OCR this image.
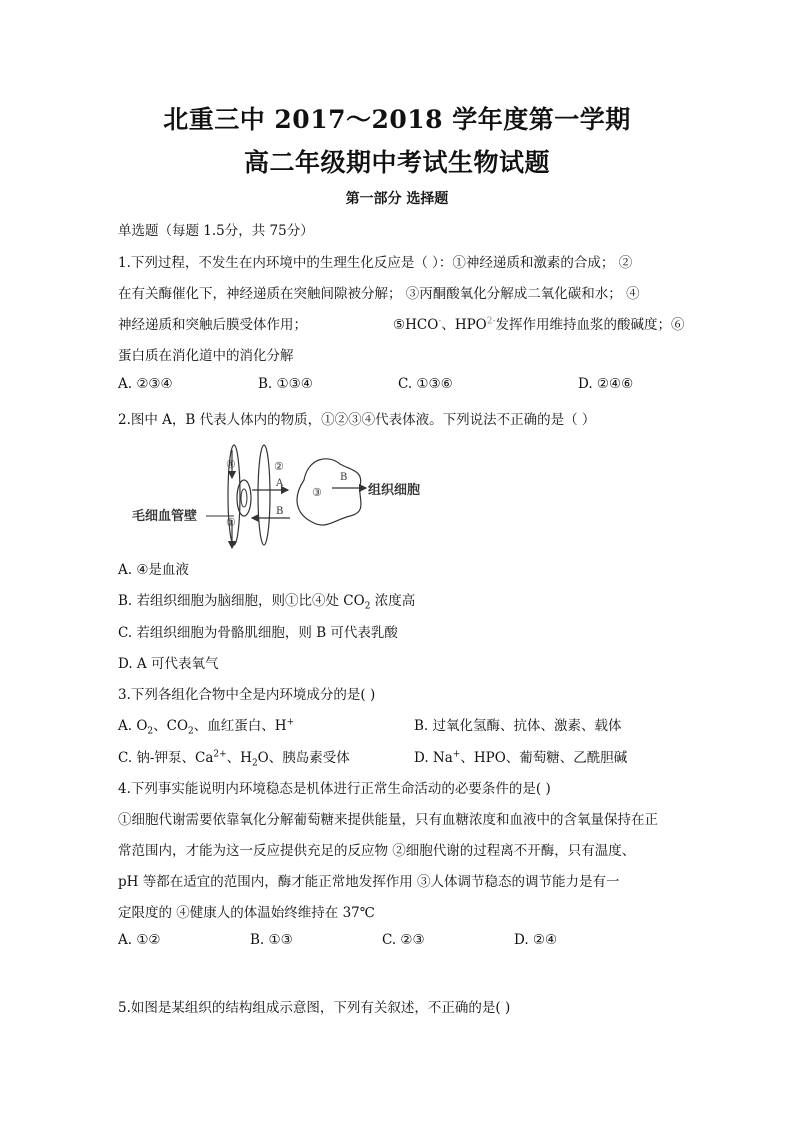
北重三中 2017～2018 学年度第一学期
高二年级期中考试生物试题
第一部分 选择题
单选题（每题 1.5分，共 75分）
1.下列过程，不发生在内环境中的生理生化反应是（ ）：①神经递质和激素的合成； ②
在有关酶催化下，神经递质在突触间隙被分解； ③丙酮酸氧化分解成二氧化碳和水； ④
神经递质和突触后膜受体作用；	⑤HCO-、$HPO^{2-}$发挥作用维持血浆的酸碱度；⑥
蛋白质在消化道中的消化分解
A. ②③④	B. ①③④	C. ①③⑥	D. ②④⑥
2.图中 A，B 代表人体内的物质，①②③④代表体液。下列说法不正确的是（ ）
毛细血管壁
④
①
②
A
B
③
B
组织细胞
A. ④是血液
B. 若组织细胞为脑细胞，则①比④处 $CO_2$ 浓度高
C. 若组织细胞为骨骼肌细胞，则 B 可代表乳酸
D. A 可代表氧气
3.下列各组化合物中全是内环境成分的是( )
A. $O_2$、$CO_2$、血红蛋白、H+	B. 过氧化氢酶、抗体、激素、载体
C. 钠-钾泵、$Ca^{2+}$、$H_2O$、胰岛素受体	D. Na+、HPO、葡萄糖、乙酰胆碱
4.下列事实能说明内环境稳态是机体进行正常生命活动的必要条件的是( )
①细胞代谢需要依靠氧化分解葡萄糖来提供能量，只有血糖浓度和血液中的含氧量保持在正
常范围内，才能为这一反应提供充足的反应物 ②细胞代谢的过程离不开酶，只有温度、
pH 等都在适宜的范围内，酶才能正常地发挥作用 ③人体调节稳态的调节能力是有一
定限度的 ④健康人的体温始终维持在 37℃
A. ①②	B. ①③	C. ②③	D. ②④
5.如图是某组织的结构组成示意图，下列有关叙述，不正确的是( )
